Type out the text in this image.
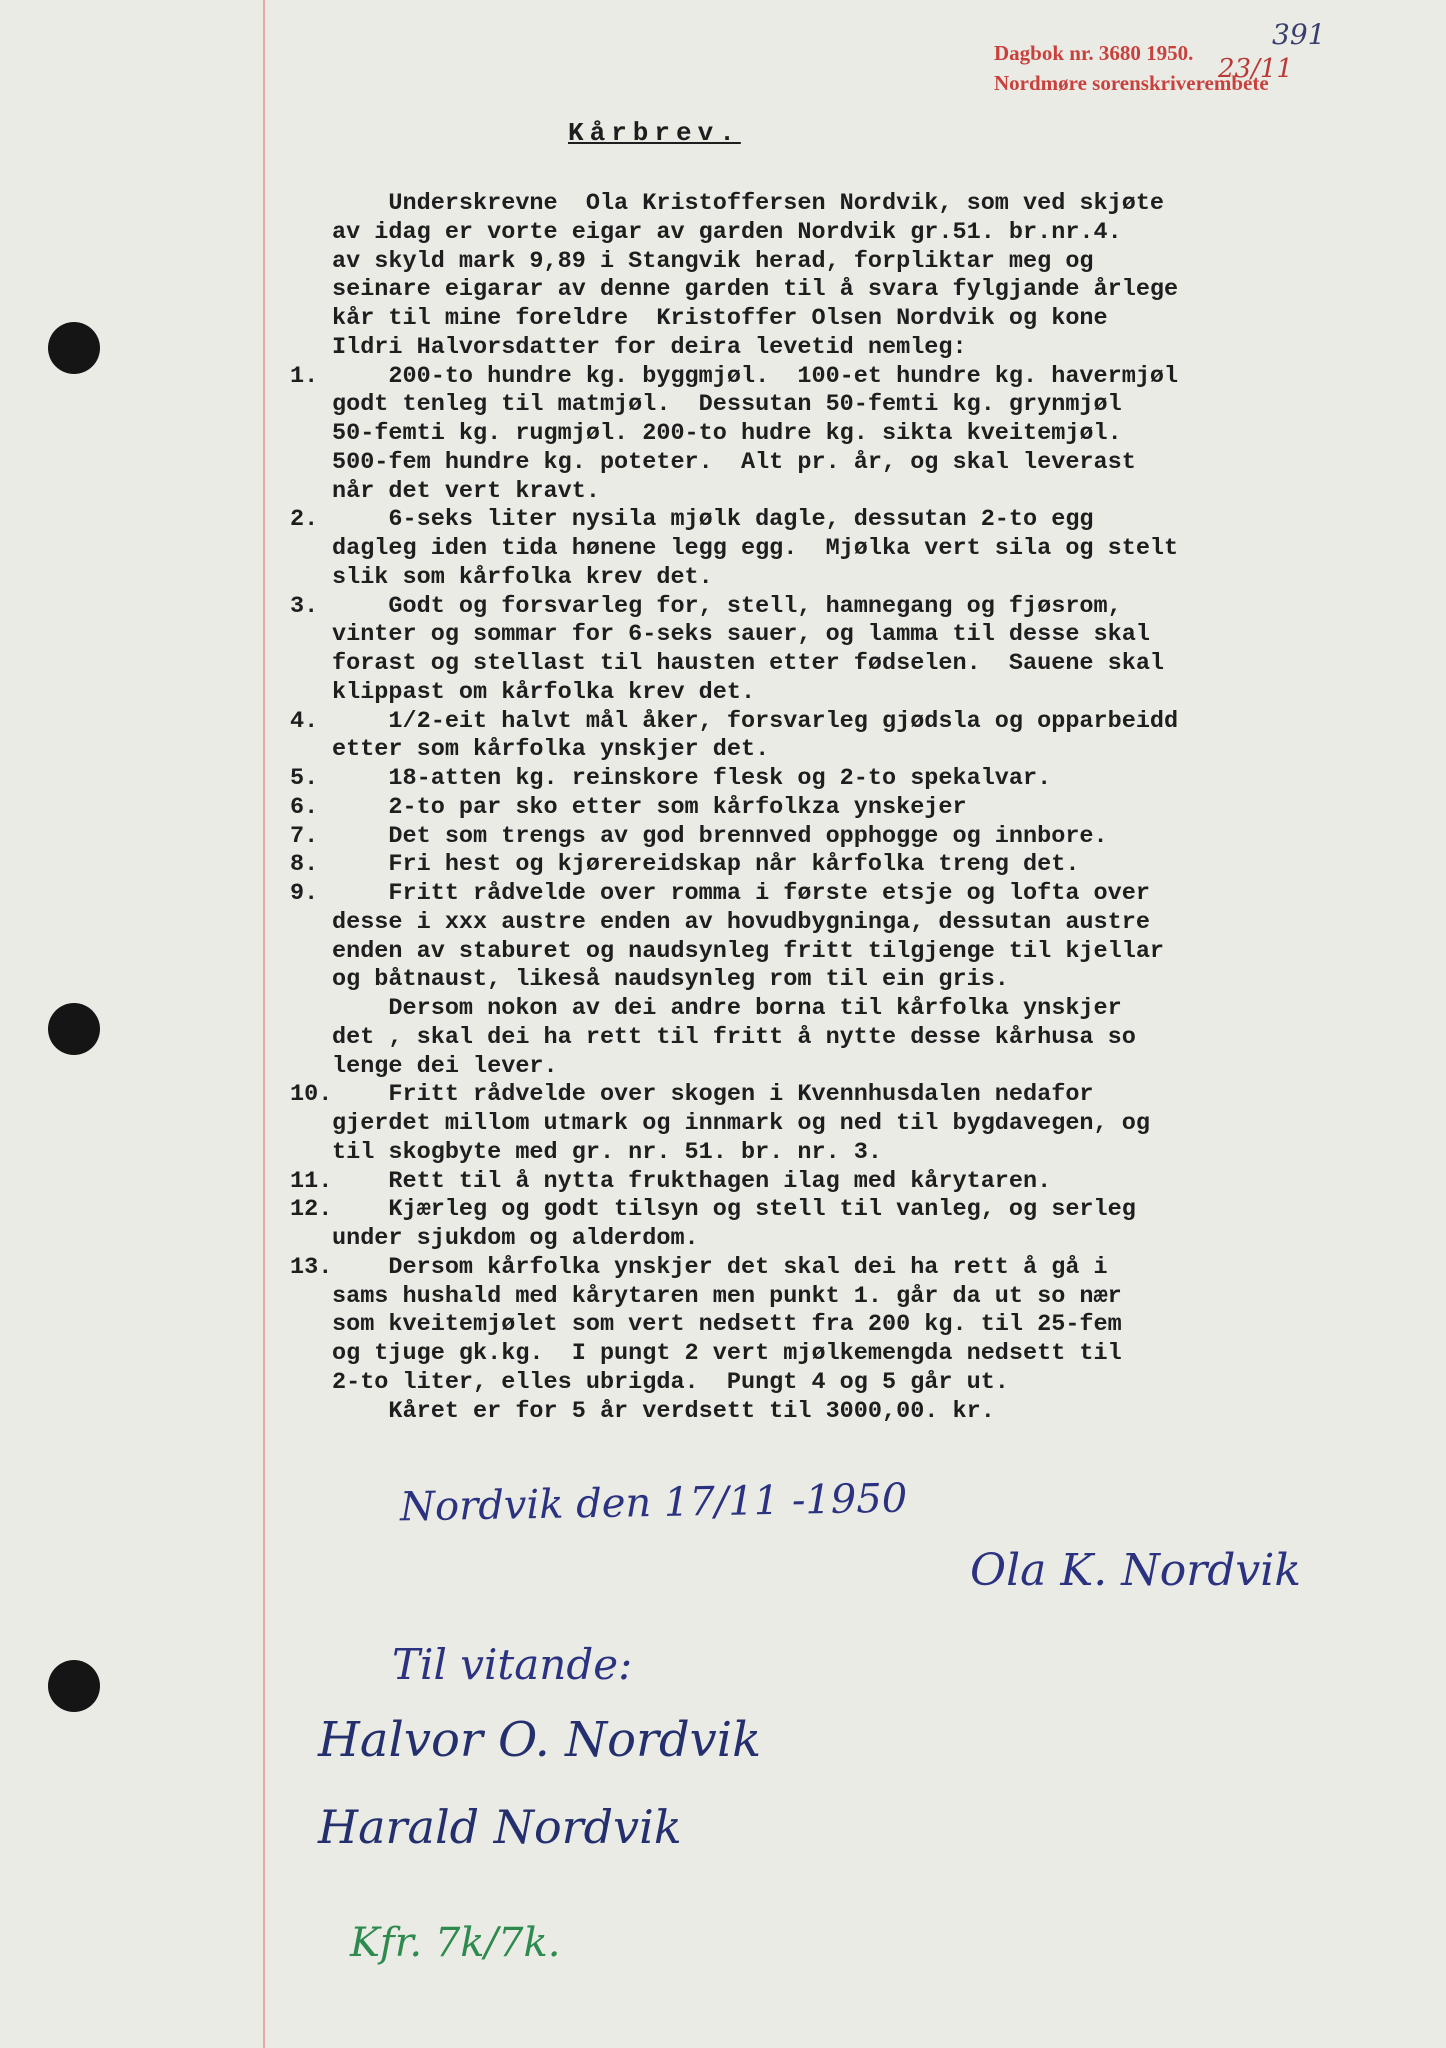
Dagbok nr. 3680 1950.
Nordmøre sorenskriverembete
23/11
391
Kårbrev.
Underskrevne  Ola Kristoffersen Nordvik, som ved skjøte
av idag er vorte eigar av garden Nordvik gr.51. br.nr.4.
av skyld mark 9,89 i Stangvik herad, forpliktar meg og
seinare eigarar av denne garden til å svara fylgjande årlege
kår til mine foreldre  Kristoffer Olsen Nordvik og kone
Ildri Halvorsdatter for deira levetid nemleg:
1. 200-to hundre kg. byggmjøl.  100-et hundre kg. havermjøl
godt tenleg til matmjøl.  Dessutan 50-femti kg. grynmjøl
50-femti kg. rugmjøl. 200-to hudre kg. sikta kveitemjøl.
500-fem hundre kg. poteter.  Alt pr. år, og skal leverast
når det vert kravt.
2. 6-seks liter nysila mjølk dagle, dessutan 2-to egg
dagleg iden tida hønene legg egg.  Mjølka vert sila og stelt
slik som kårfolka krev det.
3. Godt og forsvarleg for, stell, hamnegang og fjøsrom,
vinter og sommar for 6-seks sauer, og lamma til desse skal
forast og stellast til hausten etter fødselen.  Sauene skal
klippast om kårfolka krev det.
4. 1/2-eit halvt mål åker, forsvarleg gjødsla og opparbeidd
etter som kårfolka ynskjer det.
5. 18-atten kg. reinskore flesk og 2-to spekalvar.
6. 2-to par sko etter som kårfolkza ynskejer
7. Det som trengs av god brennved opphogge og innbore.
8. Fri hest og kjørereidskap når kårfolka treng det.
9. Fritt rådvelde over romma i første etsje og lofta over
desse i xxx austre enden av hovudbygninga, dessutan austre
enden av staburet og naudsynleg fritt tilgjenge til kjellar
og båtnaust, likeså naudsynleg rom til ein gris.
Dersom nokon av dei andre borna til kårfolka ynskjer
det , skal dei ha rett til fritt å nytte desse kårhusa so
lenge dei lever.
10. Fritt rådvelde over skogen i Kvennhusdalen nedafor
gjerdet millom utmark og innmark og ned til bygdavegen, og
til skogbyte med gr. nr. 51. br. nr. 3.
11. Rett til å nytta frukthagen ilag med kårytaren.
12. Kjærleg og godt tilsyn og stell til vanleg, og serleg
under sjukdom og alderdom.
13. Dersom kårfolka ynskjer det skal dei ha rett å gå i
sams hushald med kårytaren men punkt 1. går da ut so nær
som kveitemjølet som vert nedsett fra 200 kg. til 25-fem
og tjuge gk.kg.  I pungt 2 vert mjølkemengda nedsett til
2-to liter, elles ubrigda.  Pungt 4 og 5 går ut.
Kåret er for 5 år verdsett til 3000,00. kr.
Nordvik den 17/11 -1950
Ola K. Nordvik
Til vitande:
Halvor O. Nordvik
Harald Nordvik
Kfr. 7k/7k.
